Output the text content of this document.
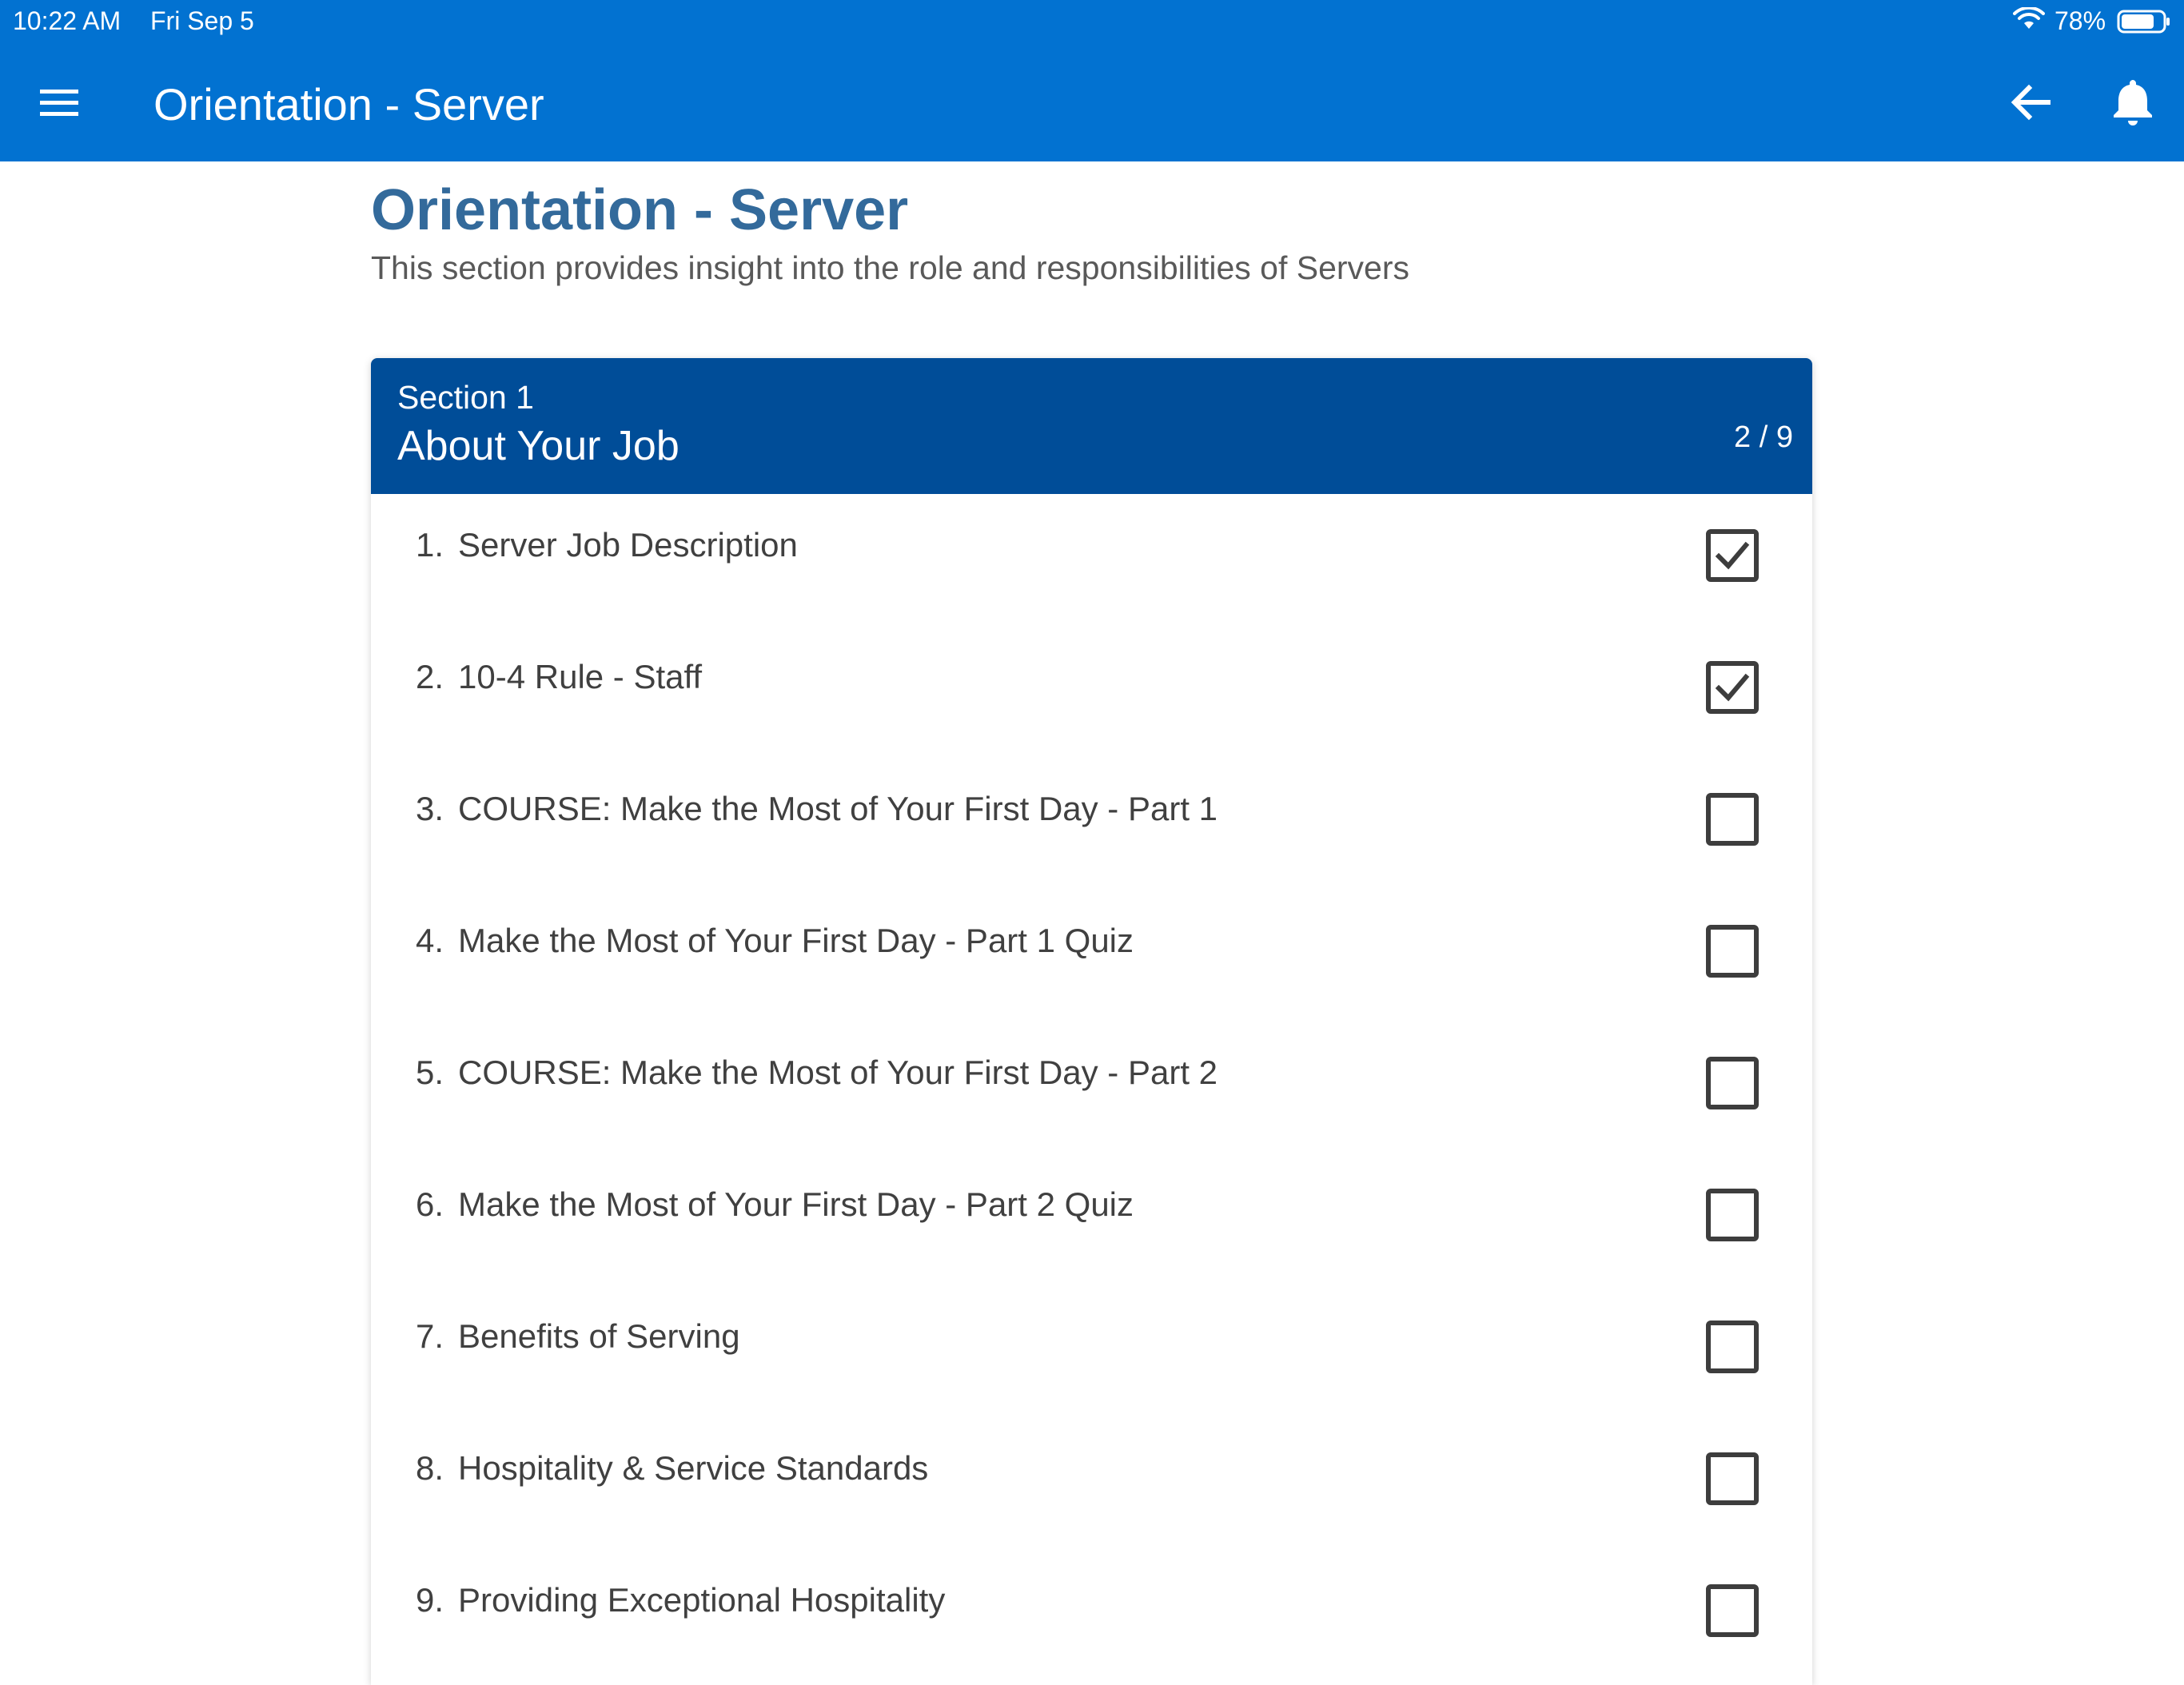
10:22 AM Fri Sep 5	78%
Orientation - Server
Orientation - Server
This section provides insight into the role and responsibilities of Servers
Section 1
About Your Job	2 / 9
1. Server Job Description
2. 10-4 Rule - Staff
3. COURSE: Make the Most of Your First Day - Part 1
4. Make the Most of Your First Day - Part 1 Quiz
5. COURSE: Make the Most of Your First Day - Part 2
6. Make the Most of Your First Day - Part 2 Quiz
7. Benefits of Serving
8. Hospitality & Service Standards
9. Providing Exceptional Hospitality
